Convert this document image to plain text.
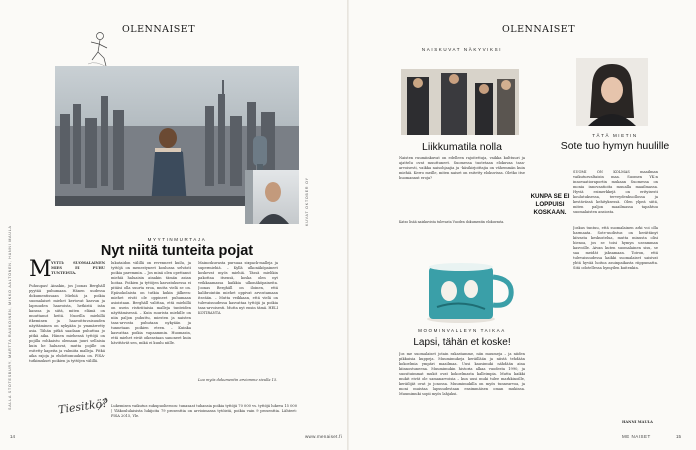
OLENNAISET
KUVAT OKTOBER OY
MYYTINMURTAJA
Nyt niitä tunteita pojat
SALLA STOTESBURY, MARTTA RAUKOINEN, MIKKO AALTONEN, HANNI MAULA M YYTTI: SUOMALAINEN MIES EI PUHU TUNTEISTA.
Puhuupas! Ainakin, jos Joonas Berghäll pyytää puhumaan. Hänen uudessa dokumentissaan Miehiä ja poikia suomalaiset miehet kertovat kasvun ja lapsuuden haavoista, hetkistä isän kanssa ja siitä, miten elämä on muuttanut heitä. Nuorilla miehillä itkeminen ja haavoittuvaisuuden näyttäminen on nykyään jo ymmärretty asia. Tähän pitkä saadaan puhuttua jo pitkä aika. Hänen miehensä tyttöjä on pojilla rohkaistu olemaan juuri sellaisia kuin he haluavat, mutta pojille on esitetty kapeita ja valmiita malleja. Pitkä aika rajoja ja ehdottomuuksia on. PISA-tutkimukset poikien ja tyttöjen välillä.
lukutaidon välillä on revenneet kuilu, ja tyttöjä on menestyneet koulussa selvästi poikia paremmin. – Jos minä olen opettanut miehiä haluaisin ainakin tämän asian hoitaa. Poikien ja tyttöjen kasvatuksessa ei pitäisi olla suurta eroa, mutta vielä se on. Epäsokolaista on tutkia kukin jälkeen: miehet eivät ole oppineet puhumaan asioistaan. Berghäll valittaa, että miehillä on usein ristiriitaisia malleja tunteiden näyttämisessä. – Kuin suurista miehille on niin paljon puhuttu, miesten ja naisten tasa-arvosta puhutaan nykyään ja tunnetaan poikien eteen. – Kuinka kasvattaa poikia vapaammin. Huomasin, että miehet eivät oikeastaan sanoneet kuin hävittävät sen, mikä ei kuulu niille.
Mainoskuvasta pursuaa sixpack-malleja ja supermiehiä. – Kyllä ulkonäköpaineet koskevat myös miehiä. Tässä mielikin pakottaa itsensä, koska olen nyt veikkaamassa kaikkia ulkonäköpaineita. Joonas Berghäll on iloinen, että kalibrointiin miehet oppivat arvostamaan itseään. – Mutta veikkaan, että vielä on tulevaisuudessa kasvattaa tyttöjä ja poikia tasa-arvoisesti. Mutta nyt ensin tämä. HELI KOTIRANTA
Luo myös dokumentin arviomme sivulla 15.
Tiesitkö? Lukemisen vaikutus sukupuolieroon: tunasaat tuhansia poikia tyttöjä 70 000 vs. tyttöjä lukeva 15 000 | Yläkoululaisista lukijoita 79 prosenttia on arvioimassa tytöistä, poikia vain 9 prosenttia. Lähteet: PISA 2015, Yle.
14	www.menaiset.fi
OLENNAISET
NAISKUVAT NÄKYVIKSI
Liikkumatila nolla
Naisten ruumiinkuvat on edelleen rajoitettuja, vaikka kulttuuri ja ajattelu ovat muuttuneet. Suomessa tuotetaan elokuvaa tasa-arvoisesti, vaikka naisohjaajia ja -käsikirjoittajia on vähemmän kuin miehiä. Kerro meille, miten naiset on esitetty elokuvissa. Oletko itse huomannut eroja?
Katso lisää naiskuvista tulevasta Vuoden dokumentin elokuvasta.
TÄTÄ MIETIN
Sote tuo hymyn huulille
SUOMI ON KOLMAS maailman vaikutusvaltaisin maa. Suomen YK:n innovaatioraportin mukaan Suomessa on monia innovaatioita muualla maailmassa. Hyviä esimerkkejä on erityisesti koulutuksessa, terveydenhuollossa ja kestävässä kehityksessä. Olen ylpeä siitä, miten paljon maailmassa tapahtuu suomalaisten ansiosta.
KUNPA SE EI LOPPUISI KOSKAAN.
Joskus tuntuu, että suomalainen arki voi olla harmaata. Sote-uudistus on herättänyt kiivasta keskustelua, mutta minusta olisi hienoa, jos se toisi hymyn useamman kasvoille. Aivan kuten suomalainen sisu, se saa meidät jaksamaan. Toivon, että tulevaisuudessa kaikki suomalaiset saisivat yhtä hyvää hoitoa asuinpaikasta riippumatta. Sitä odotellessa hymyilen kuitenkin.
HANNI MAULA
MOOMINVALLEYN TAIKAA
Lapsi, tähän et koske!
Jos me suomalaiset jotain rakastamme, niin muumeja – ja niiden pikkuisia kuppeja. Muumimukeja keräillään ja niistä tehdään kokoelmia ympäri maailmaa. Uusi kausimuki nähdään aina kiinnostuneena. Muumimukin historia alkaa vuodesta 1990, ja suosituimmat mukit ovat kokoelmasta kalleimpia. Mutta kaikki mukit eivät ole samanarvoisia – kun uusi muki tulee markkinoille, keräilijät ovat jo jonossa. Muumimukilla on myös tunnearvoa, ja moni muistaa lapsuudestaan ensimmäisen oman mukinsa. Muumimuki sopii myös lahjaksi.
ME NAISET	15
